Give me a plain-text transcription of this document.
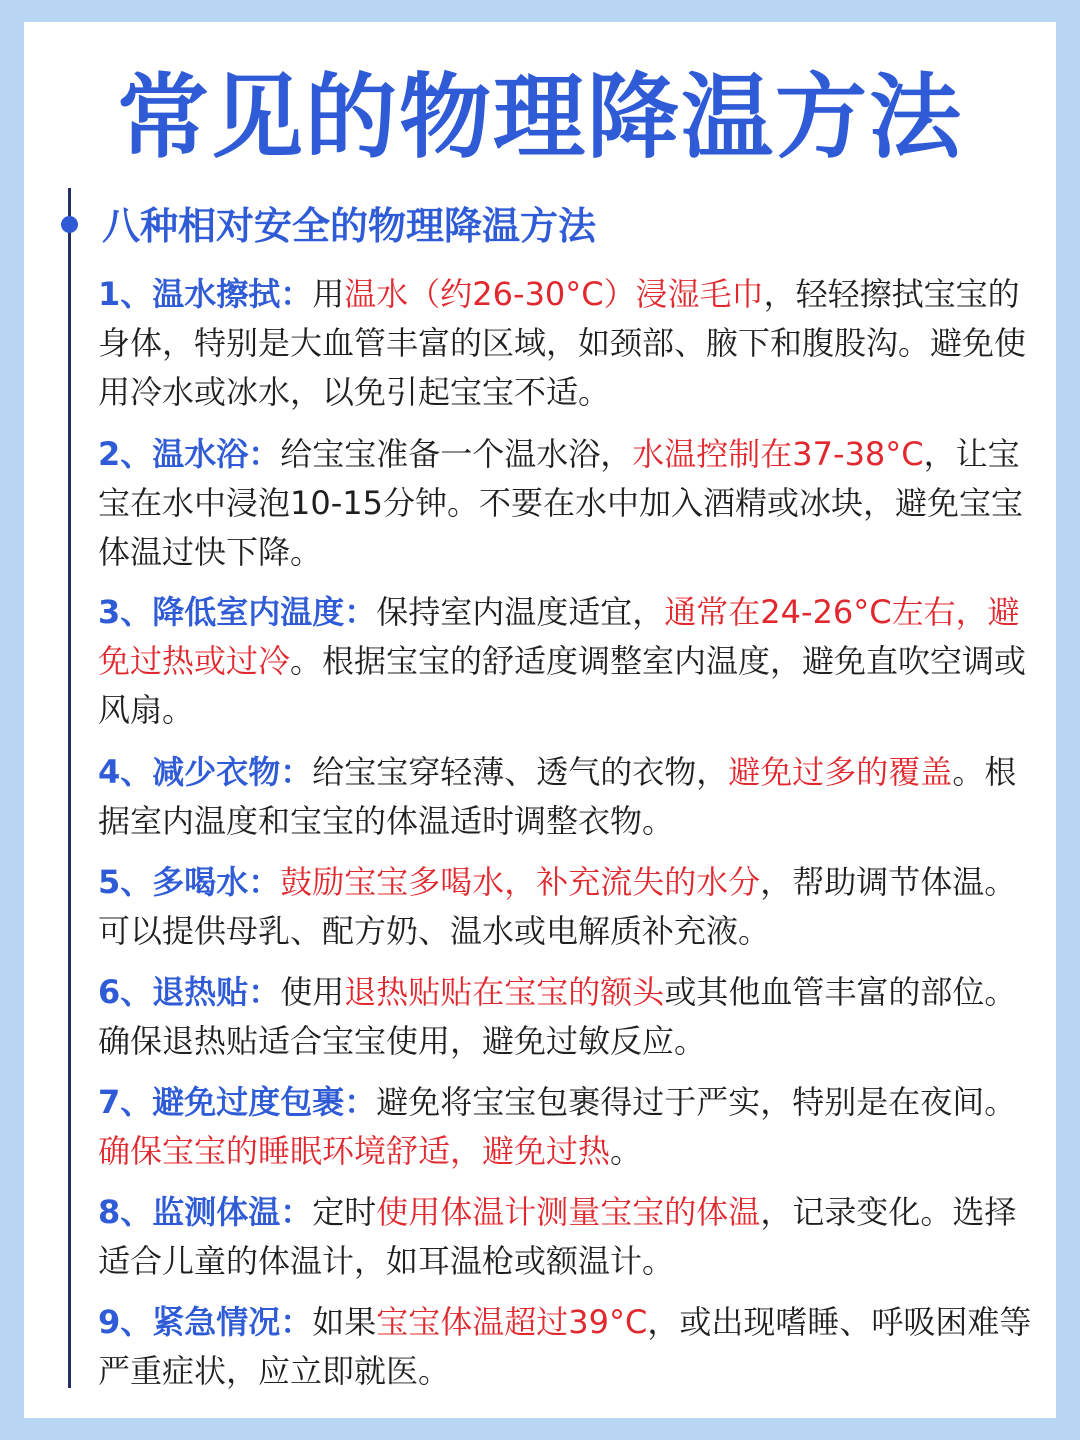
常见的物理降温方法
八种相对安全的物理降温方法
1、温水擦拭：用温水（约26-30°C）浸湿毛巾，轻轻擦拭宝宝的身体，特别是大血管丰富的区域，如颈部、腋下和腹股沟。避免使用冷水或冰水，以免引起宝宝不适。
2、温水浴：给宝宝准备一个温水浴，水温控制在37-38°C，让宝宝在水中浸泡10-15分钟。不要在水中加入酒精或冰块，避免宝宝体温过快下降。
3、降低室内温度：保持室内温度适宜，通常在24-26°C左右，避免过热或过冷。根据宝宝的舒适度调整室内温度，避免直吹空调或风扇。
4、减少衣物：给宝宝穿轻薄、透气的衣物，避免过多的覆盖。根据室内温度和宝宝的体温适时调整衣物。
5、多喝水：鼓励宝宝多喝水，补充流失的水分，帮助调节体温。可以提供母乳、配方奶、温水或电解质补充液。
6、退热贴：使用退热贴贴在宝宝的额头或其他血管丰富的部位。确保退热贴适合宝宝使用，避免过敏反应。
7、避免过度包裹：避免将宝宝包裹得过于严实，特别是在夜间。确保宝宝的睡眠环境舒适，避免过热。
8、监测体温：定时使用体温计测量宝宝的体温，记录变化。选择适合儿童的体温计，如耳温枪或额温计。
9、紧急情况：如果宝宝体温超过39°C，或出现嗜睡、呼吸困难等严重症状，应立即就医。
